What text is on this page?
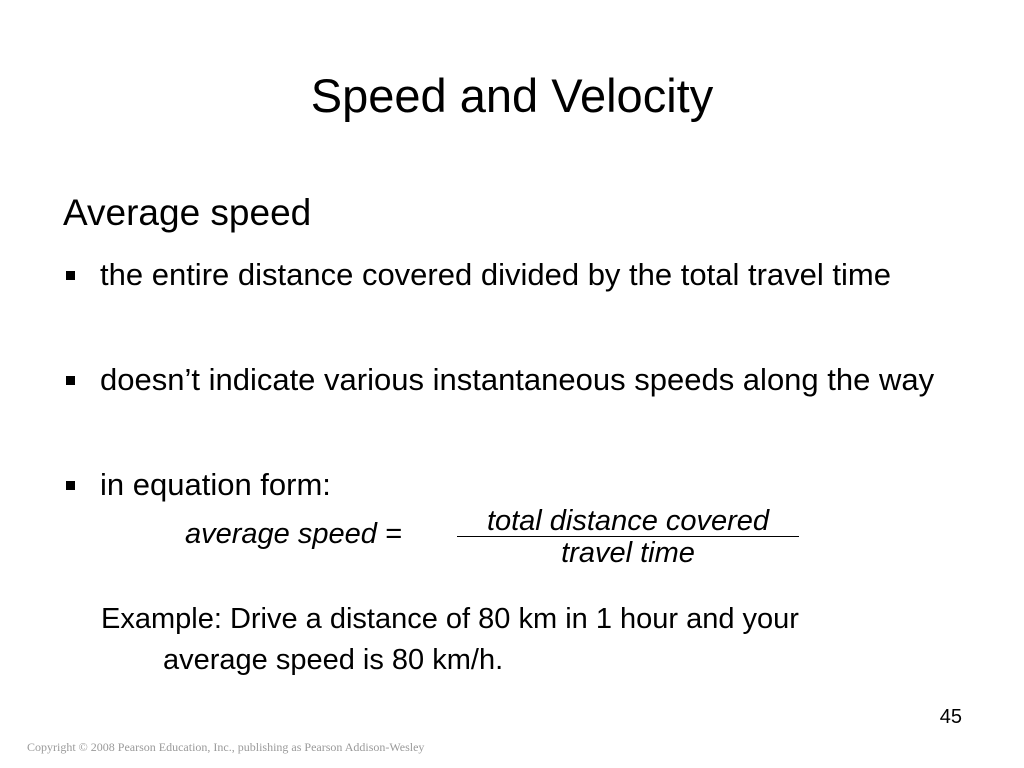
Speed and Velocity
Average speed
the entire distance covered divided by the total travel time
doesn’t indicate various instantaneous speeds along the way
in equation form:
average speed =	total distance covered
travel time
Example: Drive a distance of 80 km in 1 hour and your
average speed is 80 km/h.
45
Copyright © 2008 Pearson Education, Inc., publishing as Pearson Addison-Wesley
